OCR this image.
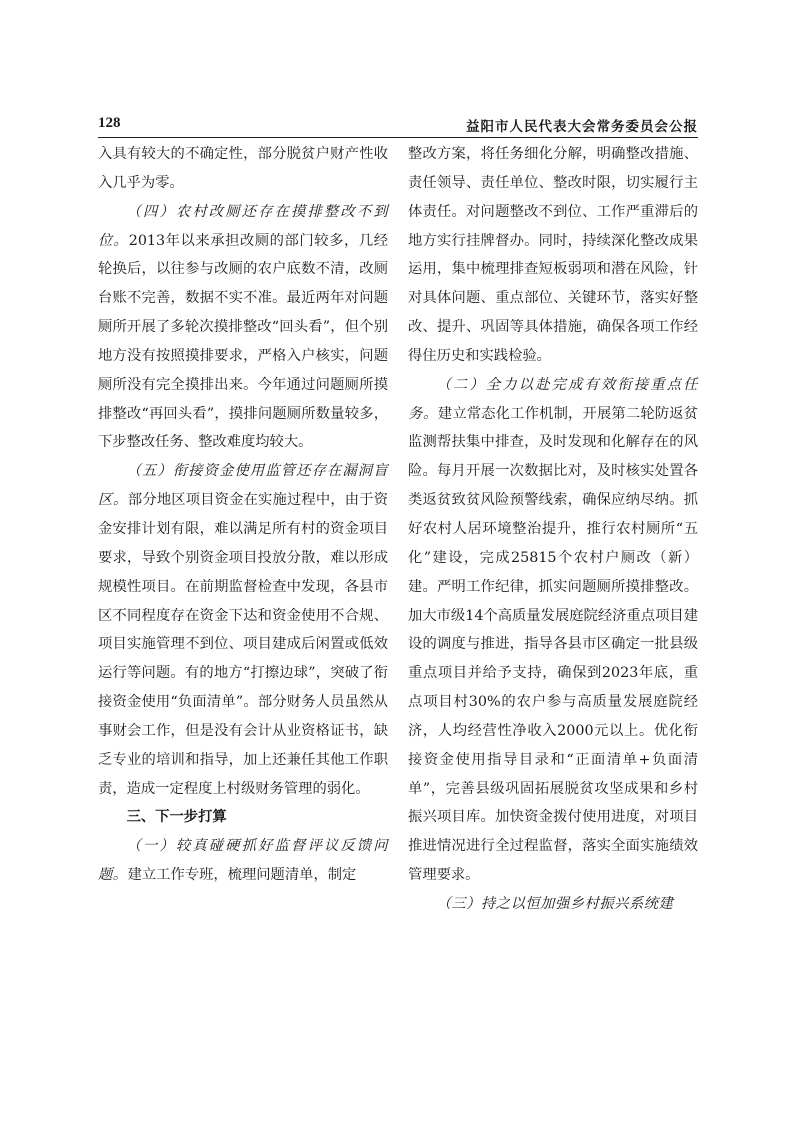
128	益阳市人民代表大会常务委员会公报

入具有较大的不确定性，部分脱贫户财产性收入几乎为零。

（四）农村改厕还存在摸排整改不到位。2013年以来承担改厕的部门较多，几经轮换后，以往参与改厕的农户底数不清，改厕台账不完善，数据不实不准。最近两年对问题厕所开展了多轮次摸排整改“回头看”，但个别地方没有按照摸排要求，严格入户核实，问题厕所没有完全摸排出来。今年通过问题厕所摸排整改“再回头看”，摸排问题厕所数量较多，下步整改任务、整改难度均较大。

（五）衔接资金使用监管还存在漏洞盲区。部分地区项目资金在实施过程中，由于资金安排计划有限，难以满足所有村的资金项目要求，导致个别资金项目投放分散，难以形成规模性项目。在前期监督检查中发现，各县市区不同程度存在资金下达和资金使用不合规、项目实施管理不到位、项目建成后闲置或低效运行等问题。有的地方“打擦边球”，突破了衔接资金使用“负面清单”。部分财务人员虽然从事财会工作，但是没有会计从业资格证书，缺乏专业的培训和指导，加上还兼任其他工作职责，造成一定程度上村级财务管理的弱化。

三、下一步打算

（一）较真碰硬抓好监督评议反馈问题。建立工作专班，梳理问题清单，制定

整改方案，将任务细化分解，明确整改措施、责任领导、责任单位、整改时限，切实履行主体责任。对问题整改不到位、工作严重滞后的地方实行挂牌督办。同时，持续深化整改成果运用，集中梳理排查短板弱项和潜在风险，针对具体问题、重点部位、关键环节，落实好整改、提升、巩固等具体措施，确保各项工作经得住历史和实践检验。

（二）全力以赴完成有效衔接重点任务。建立常态化工作机制，开展第二轮防返贫监测帮扶集中排查，及时发现和化解存在的风险。每月开展一次数据比对，及时核实处置各类返贫致贫风险预警线索，确保应纳尽纳。抓好农村人居环境整治提升，推行农村厕所“五化”建设，完成25815个农村户厕改（新）建。严明工作纪律，抓实问题厕所摸排整改。加大市级14个高质量发展庭院经济重点项目建设的调度与推进，指导各县市区确定一批县级重点项目并给予支持，确保到2023年底，重点项目村30%的农户参与高质量发展庭院经济，人均经营性净收入2000元以上。优化衔接资金使用指导目录和“正面清单+负面清单”，完善县级巩固拓展脱贫攻坚成果和乡村振兴项目库。加快资金拨付使用进度，对项目推进情况进行全过程监督，落实全面实施绩效管理要求。

（三）持之以恒加强乡村振兴系统建
